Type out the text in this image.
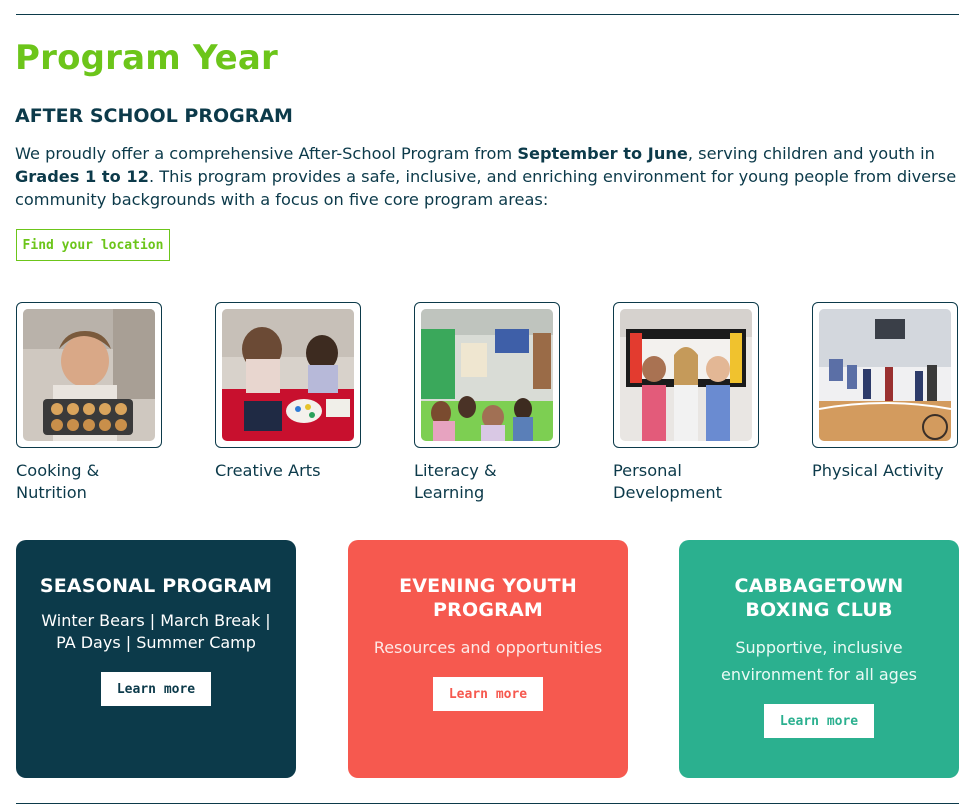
Program Year
AFTER SCHOOL PROGRAM

We proudly offer a comprehensive After-School Program from September to June, serving children and youth in Grades 1 to 12. This program provides a safe, inclusive, and enriching environment for young people from diverse community backgrounds with a focus on five core program areas:

Find your location
Cooking & Nutrition
Creative Arts	Literacy & Learning
Personal Development
Physical Activity
SEASONAL PROGRAM

Winter Bears | March Break | PA Days | Summer Camp

Learn more
EVENING YOUTH PROGRAM

Resources and opportunities

Learn more
CABBAGETOWN BOXING CLUB

Supportive, inclusive environment for all ages

Learn more
